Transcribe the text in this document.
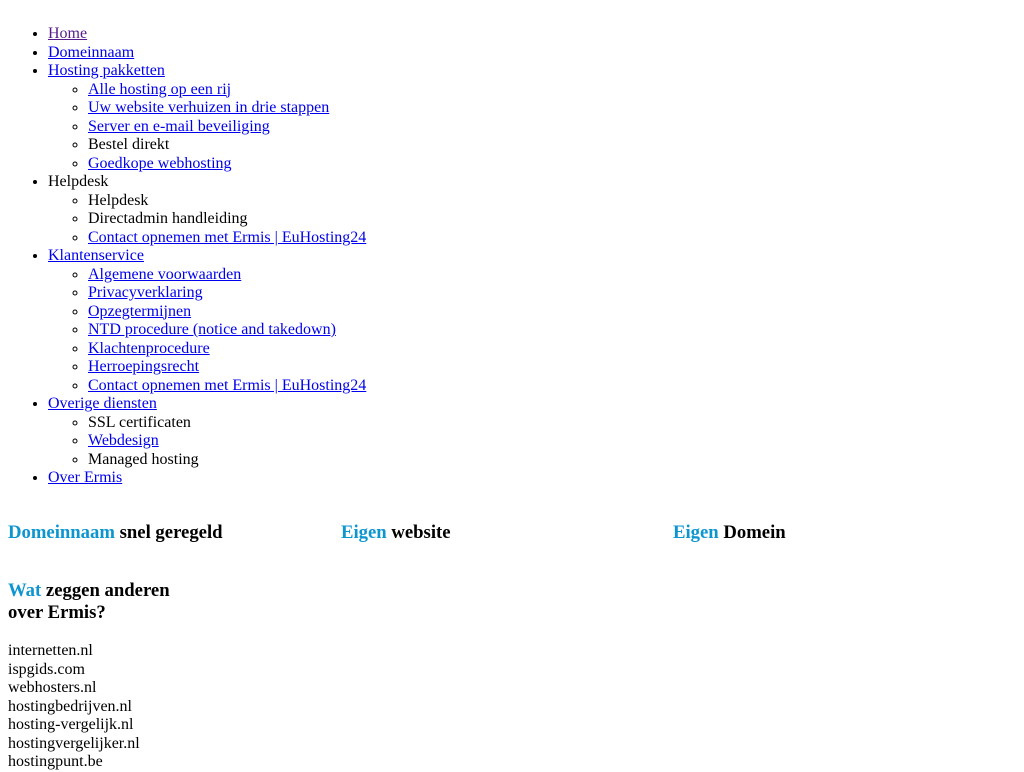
• Home
• Domeinnaam
• Hosting pakketten
◦ Alle hosting op een rij
◦ Uw website verhuizen in drie stappen
◦ Server en e-mail beveiliging
◦ Bestel direkt
◦ Goedkope webhosting
• Helpdesk
◦ Helpdesk
◦ Directadmin handleiding
◦ Contact opnemen met Ermis | EuHosting24
• Klantenservice
◦ Algemene voorwaarden
◦ Privacyverklaring
◦ Opzegtermijnen
◦ NTD procedure (notice and takedown)
◦ Klachtenprocedure
◦ Herroepingsrecht
◦ Contact opnemen met Ermis | EuHosting24
• Overige diensten
◦ SSL certificaten
◦ Webdesign
◦ Managed hosting
• Over Ermis
Domeinnaam snel geregeld	Eigen website	Eigen Domein
Wat zeggen anderen
over Ermis?
internetten.nl
ispgids.com
webhosters.nl
hostingbedrijven.nl
hosting-vergelijk.nl
hostingvergelijker.nl
hostingpunt.be
